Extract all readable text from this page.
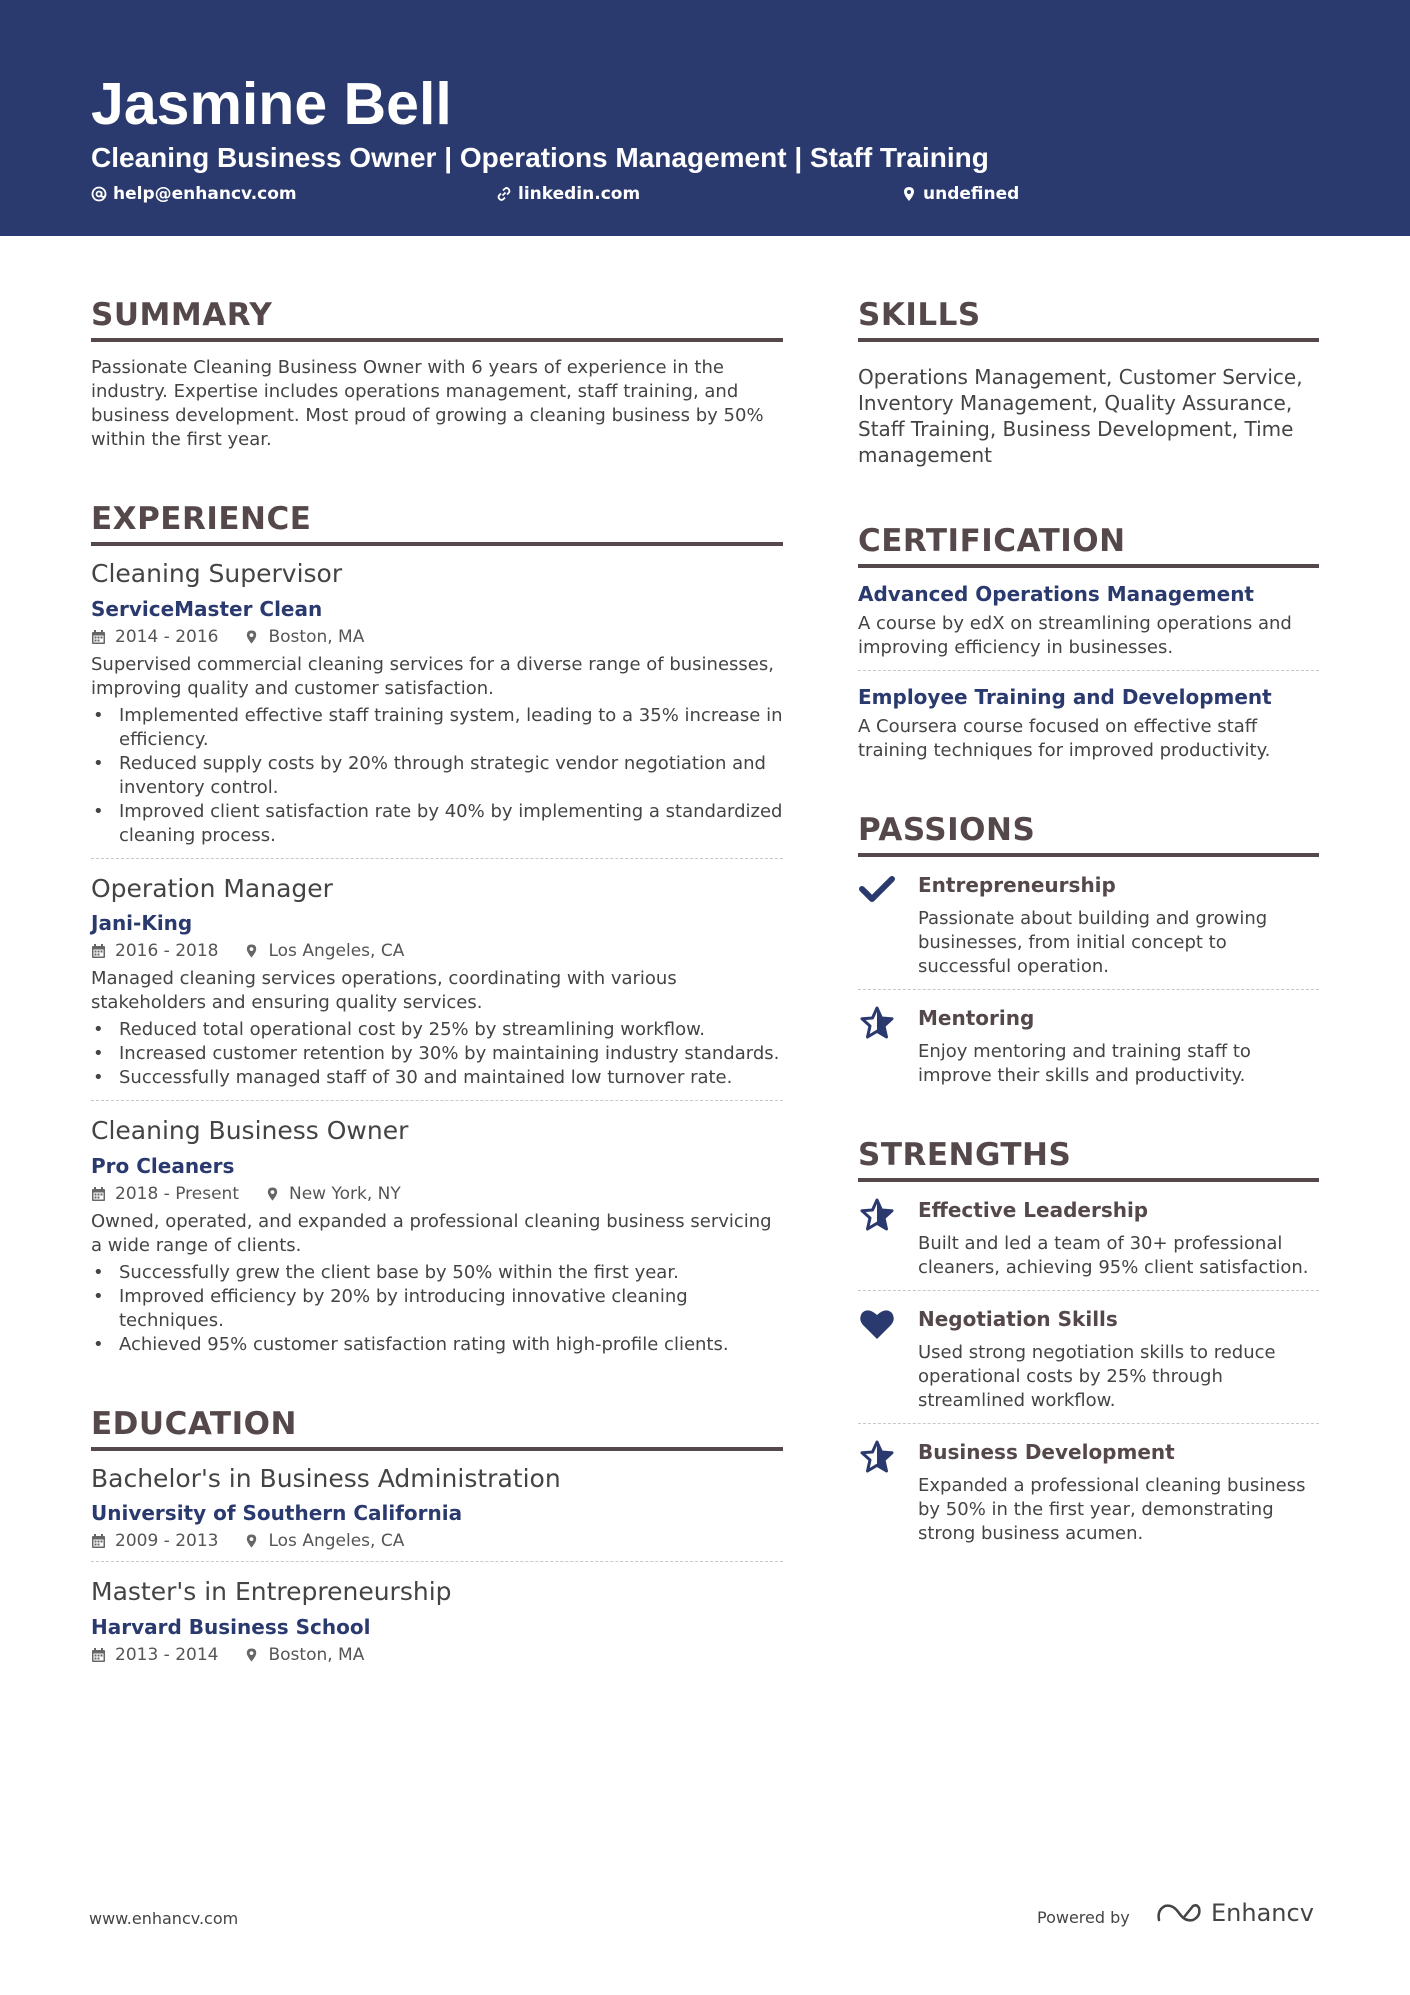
Jasmine Bell
Cleaning Business Owner | Operations Management | Staff Training
help@enhancv.com	linkedin.com	undefined
SUMMARY
Passionate Cleaning Business Owner with 6 years of experience in the industry. Expertise includes operations management, staff training, and business development. Most proud of growing a cleaning business by 50% within the first year.
EXPERIENCE
Cleaning Supervisor
ServiceMaster Clean
2014 - 2016	Boston, MA
Supervised commercial cleaning services for a diverse range of businesses, improving quality and customer satisfaction.
• Implemented effective staff training system, leading to a 35% increase in efficiency.
• Reduced supply costs by 20% through strategic vendor negotiation and inventory control.
• Improved client satisfaction rate by 40% by implementing a standardized cleaning process.
Operation Manager
Jani-King
2016 - 2018	Los Angeles, CA
Managed cleaning services operations, coordinating with various stakeholders and ensuring quality services.
• Reduced total operational cost by 25% by streamlining workflow.
• Increased customer retention by 30% by maintaining industry standards.
• Successfully managed staff of 30 and maintained low turnover rate.
Cleaning Business Owner
Pro Cleaners
2018 - Present	New York, NY
Owned, operated, and expanded a professional cleaning business servicing a wide range of clients.
• Successfully grew the client base by 50% within the first year.
• Improved efficiency by 20% by introducing innovative cleaning techniques.
• Achieved 95% customer satisfaction rating with high-profile clients.
EDUCATION
Bachelor's in Business Administration
University of Southern California
2009 - 2013	Los Angeles, CA
Master's in Entrepreneurship
Harvard Business School
2013 - 2014	Boston, MA
SKILLS
Operations Management, Customer Service, Inventory Management, Quality Assurance, Staff Training, Business Development, Time management
CERTIFICATION
Advanced Operations Management
A course by edX on streamlining operations and improving efficiency in businesses.
Employee Training and Development
A Coursera course focused on effective staff training techniques for improved productivity.
PASSIONS
Entrepreneurship
Passionate about building and growing businesses, from initial concept to successful operation.
Mentoring
Enjoy mentoring and training staff to improve their skills and productivity.
STRENGTHS
Effective Leadership
Built and led a team of 30+ professional cleaners, achieving 95% client satisfaction.
Negotiation Skills
Used strong negotiation skills to reduce operational costs by 25% through streamlined workflow.
Business Development
Expanded a professional cleaning business by 50% in the first year, demonstrating strong business acumen.
www.enhancv.com	Powered by	Enhancv
